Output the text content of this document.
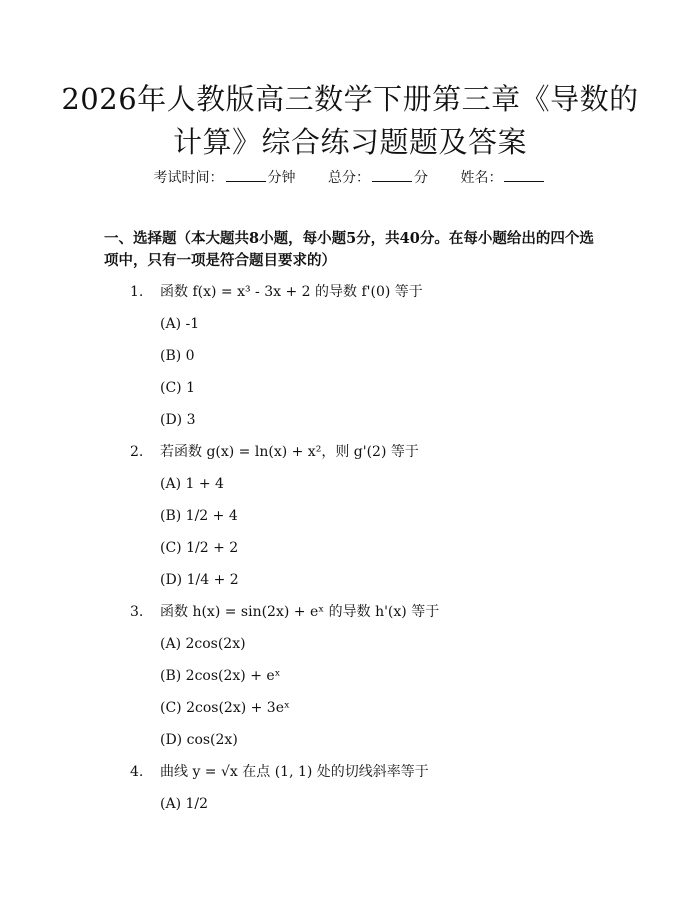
2026年人教版高三数学下册第三章《导数的
计算》综合练习题题及答案
考试时间：	分钟 总分：	分 姓名：
一、选择题（本大题共8小题，每小题5分，共40分。在每小题给出的四个选项中，只有一项是符合题目要求的）
1. 函数 f(x) = x³ - 3x + 2 的导数 f'(0) 等于
(A) -1
(B) 0
(C) 1
(D) 3
2. 若函数 g(x) = ln(x) + x²，则 g'(2) 等于
(A) 1 + 4
(B) 1/2 + 4
(C) 1/2 + 2
(D) 1/4 + 2
3. 函数 h(x) = sin(2x) + eˣ 的导数 h'(x) 等于
(A) 2cos(2x)
(B) 2cos(2x) + eˣ
(C) 2cos(2x) + 3eˣ
(D) cos(2x)
4. 曲线 y = √x 在点 (1, 1) 处的切线斜率等于
(A) 1/2
